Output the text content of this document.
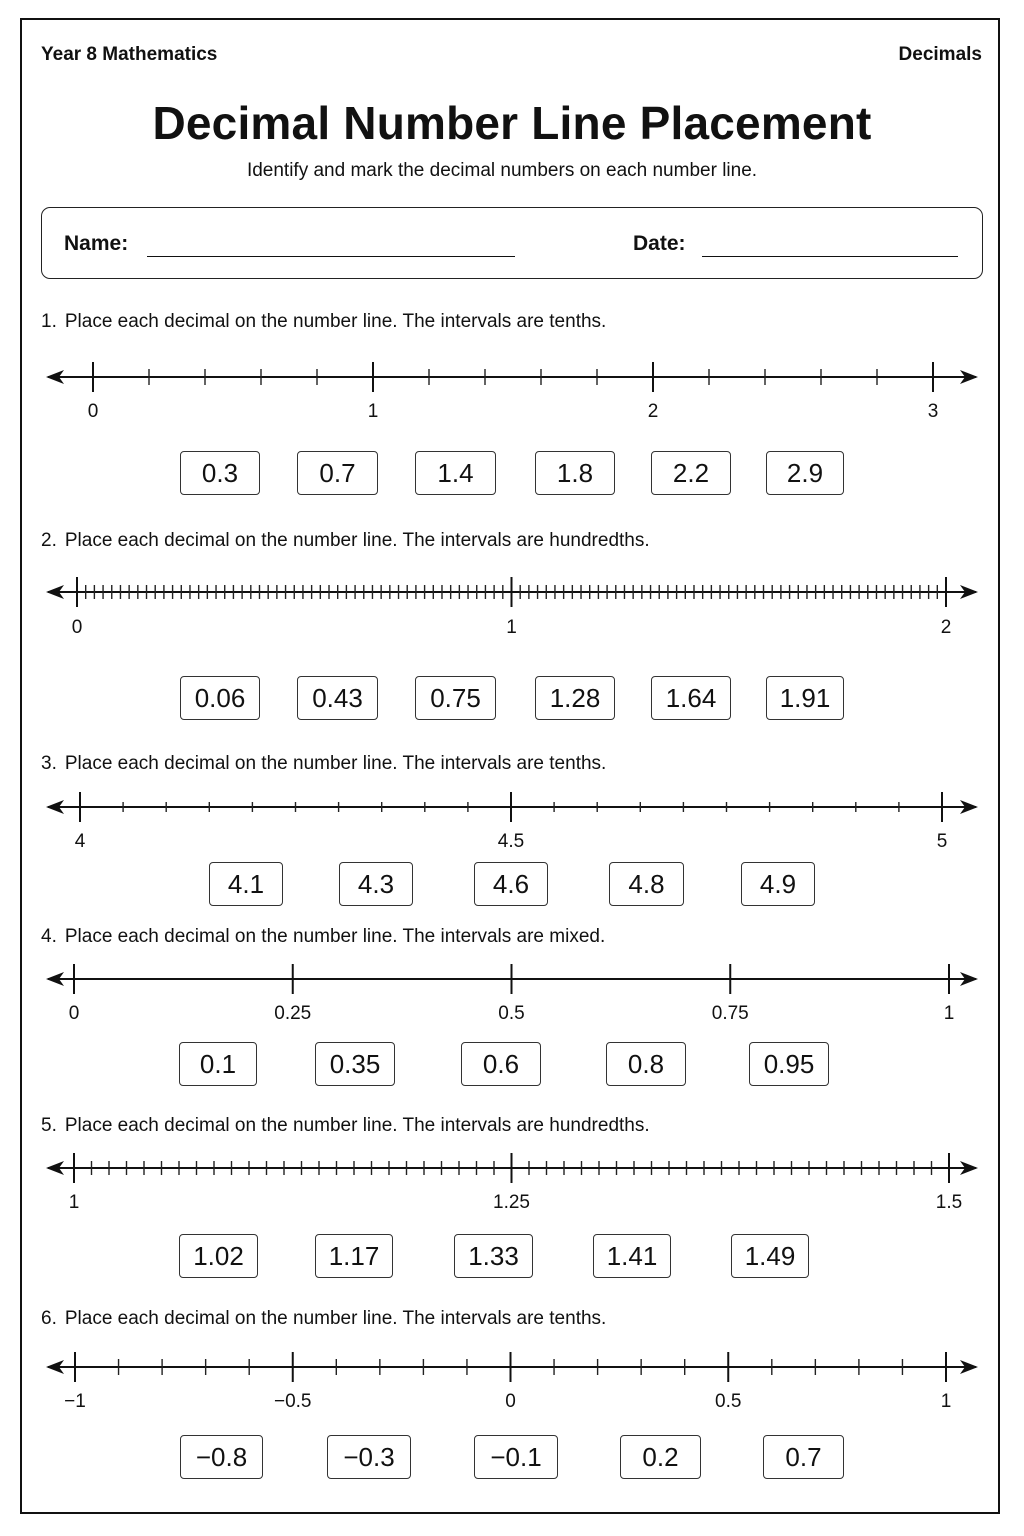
Year 8 Mathematics	Decimals
Decimal Number Line Placement
Identify and mark the decimal numbers on each number line.
Name:	Date:
1. Place each decimal on the number line. The intervals are tenths.
0	1	2	3
0.3	0.7	1.4	1.8	2.2	2.9
2. Place each decimal on the number line. The intervals are hundredths.
0	1	2
0.06	0.43	0.75	1.28	1.64	1.91
3. Place each decimal on the number line. The intervals are tenths.
4	4.5	5
4.1	4.3	4.6	4.8	4.9
4. Place each decimal on the number line. The intervals are mixed.
0	0.25	0.5	0.75	1
0.1	0.35	0.6	0.8	0.95
5. Place each decimal on the number line. The intervals are hundredths.
1	1.25	1.5
1.02	1.17	1.33	1.41	1.49
6. Place each decimal on the number line. The intervals are tenths.
−1	−0.5	0	0.5	1
−0.8	−0.3	−0.1	0.2	0.7
